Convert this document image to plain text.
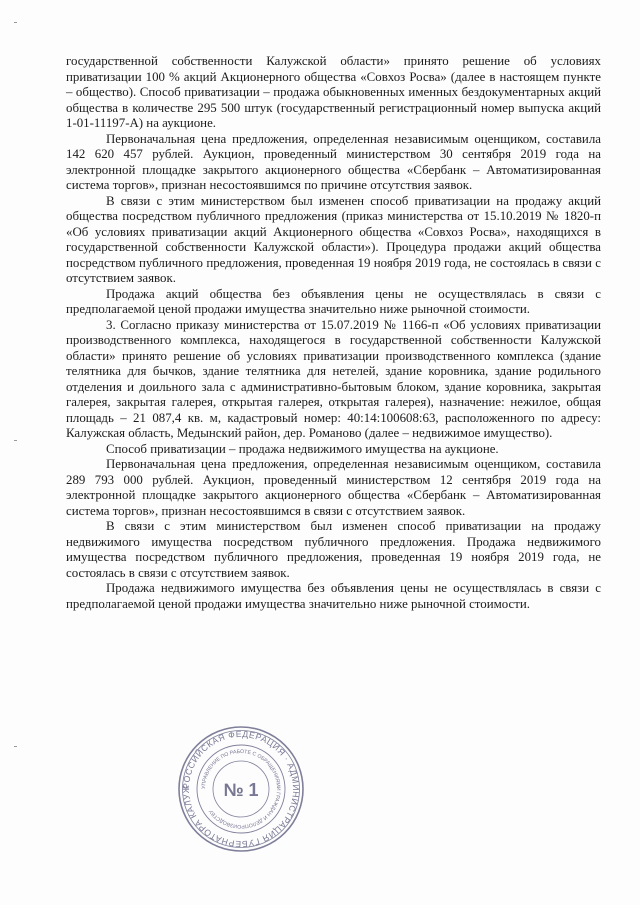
государственной собственности Калужской области» принято решение об условиях приватизации 100 % акций Акционерного общества «Совхоз Росва» (далее в настоящем пункте – общество). Способ приватизации – продажа обыкновенных именных бездокументарных акций общества в количестве 295 500 штук (государственный регистрационный номер выпуска акций 1-01-11197-А) на аукционе.

Первоначальная цена предложения, определенная независимым оценщиком, составила 142 620 457 рублей. Аукцион, проведенный министерством 30 сентября 2019 года на электронной площадке закрытого акционерного общества «Сбербанк – Автоматизированная система торгов», признан несостоявшимся по причине отсутствия заявок.

В связи с этим министерством был изменен способ приватизации на продажу акций общества посредством публичного предложения (приказ министерства от 15.10.2019 № 1820-п «Об условиях приватизации акций Акционерного общества «Совхоз Росва», находящихся в государственной собственности Калужской области»). Процедура продажи акций общества посредством публичного предложения, проведенная 19 ноября 2019 года, не состоялась в связи с отсутствием заявок.

Продажа акций общества без объявления цены не осуществлялась в связи с предполагаемой ценой продажи имущества значительно ниже рыночной стоимости.

3. Согласно приказу министерства от 15.07.2019 № 1166-п «Об условиях приватизации производственного комплекса, находящегося в государственной собственности Калужской области» принято решение об условиях приватизации производственного комплекса (здание телятника для бычков, здание телятника для нетелей, здание коровника, здание родильного отделения и доильного зала с административно-бытовым блоком, здание коровника, закрытая галерея, закрытая галерея, открытая галерея, открытая галерея), назначение: нежилое, общая площадь – 21 087,4 кв. м, кадастровый номер: 40:14:100608:63, расположенного по адресу: Калужская область, Медынский район, дер. Романово (далее – недвижимое имущество).

Способ приватизации – продажа недвижимого имущества на аукционе.

Первоначальная цена предложения, определенная независимым оценщиком, составила 289 793 000 рублей. Аукцион, проведенный министерством 12 сентября 2019 года на электронной площадке закрытого акционерного общества «Сбербанк – Автоматизированная система торгов», признан несостоявшимся в связи с отсутствием заявок.

В связи с этим министерством был изменен способ приватизации на продажу недвижимого имущества посредством публичного предложения. Продажа недвижимого имущества посредством публичного предложения, проведенная 19 ноября 2019 года, не состоялась в связи с отсутствием заявок.

Продажа недвижимого имущества без объявления цены не осуществлялась в связи с предполагаемой ценой продажи имущества значительно ниже рыночной стоимости.

РОССИЙСКАЯ ФЕДЕРАЦИЯ · АДМИНИСТРАЦИЯ ГУБЕРНАТОРА КАЛУЖ	УПРАВЛЕНИЕ ПО РАБОТЕ С ОБРАЩЕНИЯМИ ГРАЖДАН И ДЕЛОПРОИЗВОДСТВУ
№ 1
